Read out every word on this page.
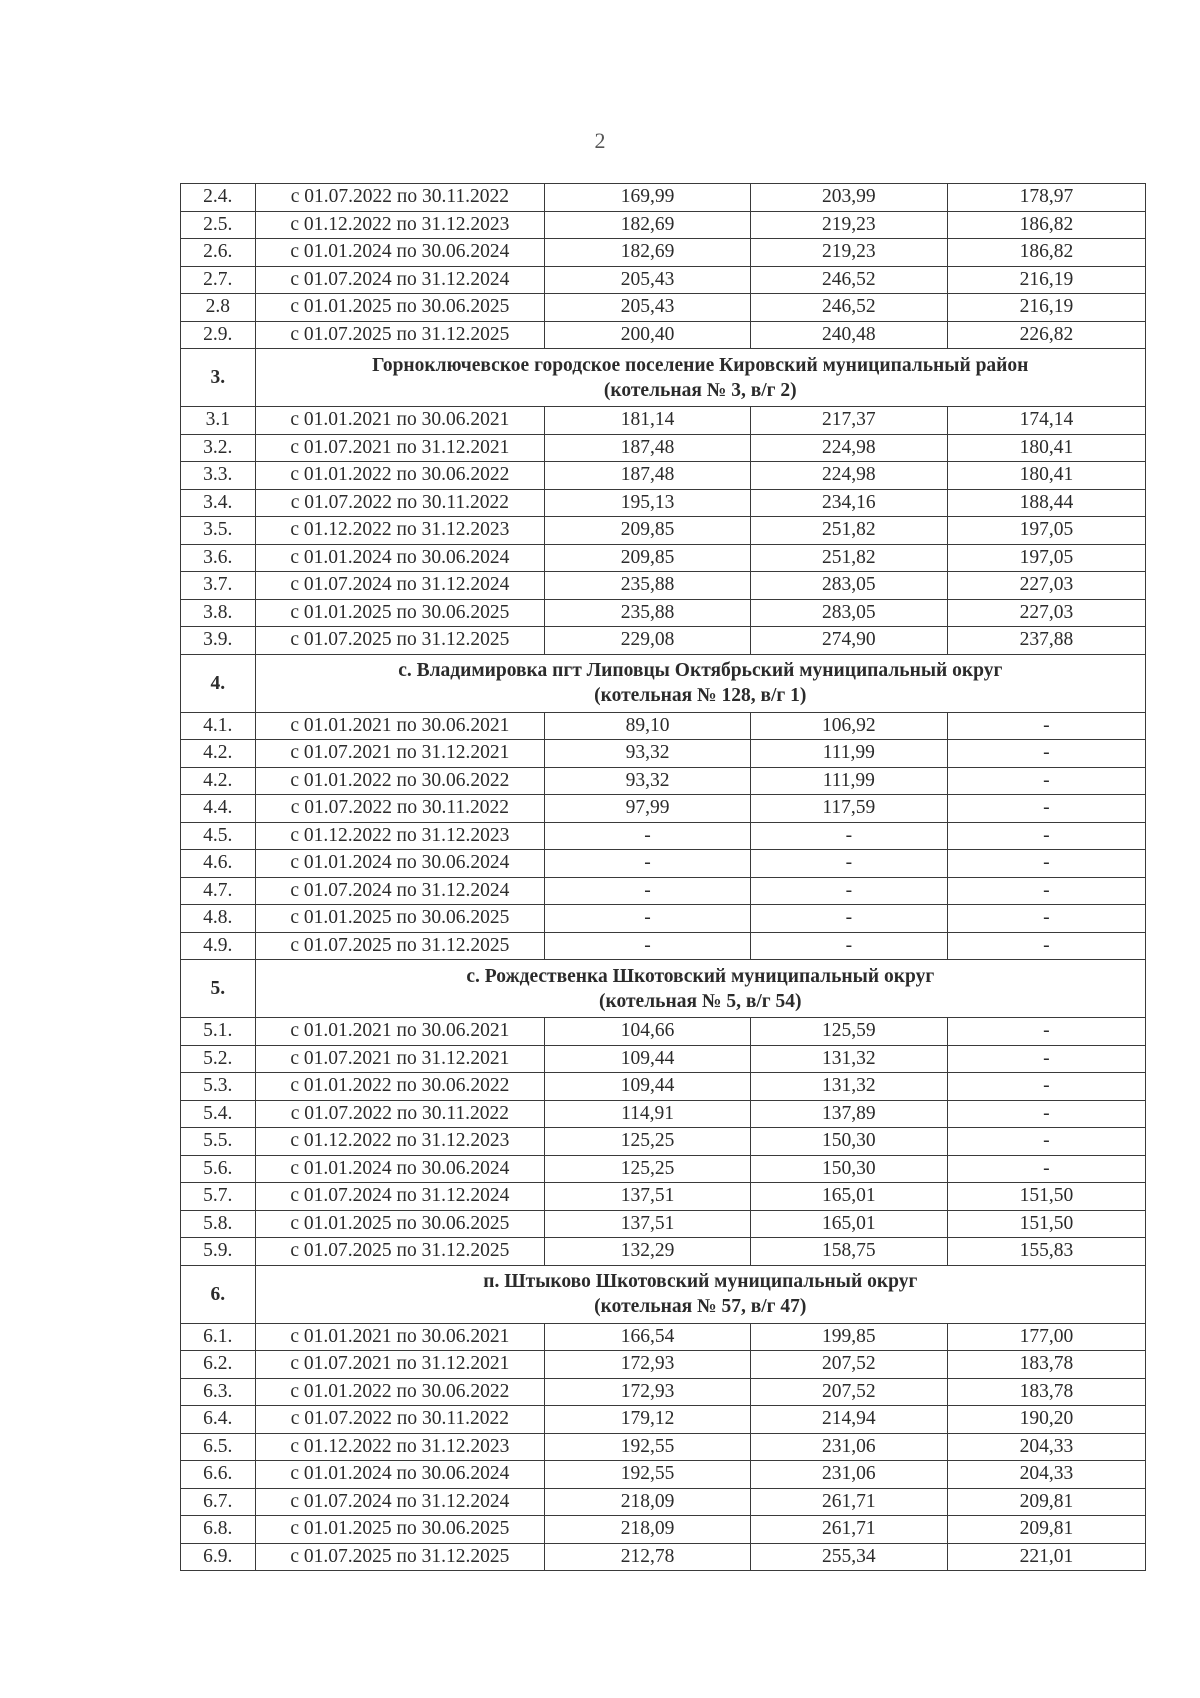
2
2.4.	с 01.07.2022 по 30.11.2022	169,99	203,99	178,97
2.5.	с 01.12.2022 по 31.12.2023	182,69	219,23	186,82
2.6.	с 01.01.2024 по 30.06.2024	182,69	219,23	186,82
2.7.	с 01.07.2024 по 31.12.2024	205,43	246,52	216,19
2.8	с 01.01.2025 по 30.06.2025	205,43	246,52	216,19
2.9.	с 01.07.2025 по 31.12.2025	200,40	240,48	226,82
3.	Горноключевское городское поселение Кировский муниципальный район
(котельная № 3, в/г 2)			

3.1	с 01.01.2021 по 30.06.2021	181,14	217,37	174,14
3.2.	с 01.07.2021 по 31.12.2021	187,48	224,98	180,41
3.3.	с 01.01.2022 по 30.06.2022	187,48	224,98	180,41
3.4.	с 01.07.2022 по 30.11.2022	195,13	234,16	188,44
3.5.	с 01.12.2022 по 31.12.2023	209,85	251,82	197,05
3.6.	с 01.01.2024 по 30.06.2024	209,85	251,82	197,05
3.7.	с 01.07.2024 по 31.12.2024	235,88	283,05	227,03
3.8.	с 01.01.2025 по 30.06.2025	235,88	283,05	227,03
3.9.	с 01.07.2025 по 31.12.2025	229,08	274,90	237,88
4.	с. Владимировка пгт Липовцы Октябрьский муниципальный округ
(котельная № 128, в/г 1)			

4.1.	с 01.01.2021 по 30.06.2021	89,10	106,92	-
4.2.	с 01.07.2021 по 31.12.2021	93,32	111,99	-
4.2.	с 01.01.2022 по 30.06.2022	93,32	111,99	-
4.4.	с 01.07.2022 по 30.11.2022	97,99	117,59	-
4.5.	с 01.12.2022 по 31.12.2023	-	-	-
4.6.	с 01.01.2024 по 30.06.2024	-	-	-
4.7.	с 01.07.2024 по 31.12.2024	-	-	-
4.8.	с 01.01.2025 по 30.06.2025	-	-	-
4.9.	с 01.07.2025 по 31.12.2025	-	-	-
5.	с. Рождественка Шкотовский муниципальный округ
(котельная № 5, в/г 54)			

5.1.	с 01.01.2021 по 30.06.2021	104,66	125,59	-
5.2.	с 01.07.2021 по 31.12.2021	109,44	131,32	-
5.3.	с 01.01.2022 по 30.06.2022	109,44	131,32	-
5.4.	с 01.07.2022 по 30.11.2022	114,91	137,89	-
5.5.	с 01.12.2022 по 31.12.2023	125,25	150,30	-
5.6.	с 01.01.2024 по 30.06.2024	125,25	150,30	-
5.7.	с 01.07.2024 по 31.12.2024	137,51	165,01	151,50
5.8.	с 01.01.2025 по 30.06.2025	137,51	165,01	151,50
5.9.	с 01.07.2025 по 31.12.2025	132,29	158,75	155,83
6.	п. Штыково Шкотовский муниципальный округ
(котельная № 57, в/г 47)			

6.1.	с 01.01.2021 по 30.06.2021	166,54	199,85	177,00
6.2.	с 01.07.2021 по 31.12.2021	172,93	207,52	183,78
6.3.	с 01.01.2022 по 30.06.2022	172,93	207,52	183,78
6.4.	с 01.07.2022 по 30.11.2022	179,12	214,94	190,20
6.5.	с 01.12.2022 по 31.12.2023	192,55	231,06	204,33
6.6.	с 01.01.2024 по 30.06.2024	192,55	231,06	204,33
6.7.	с 01.07.2024 по 31.12.2024	218,09	261,71	209,81
6.8.	с 01.01.2025 по 30.06.2025	218,09	261,71	209,81
6.9.	с 01.07.2025 по 31.12.2025	212,78	255,34	221,01
